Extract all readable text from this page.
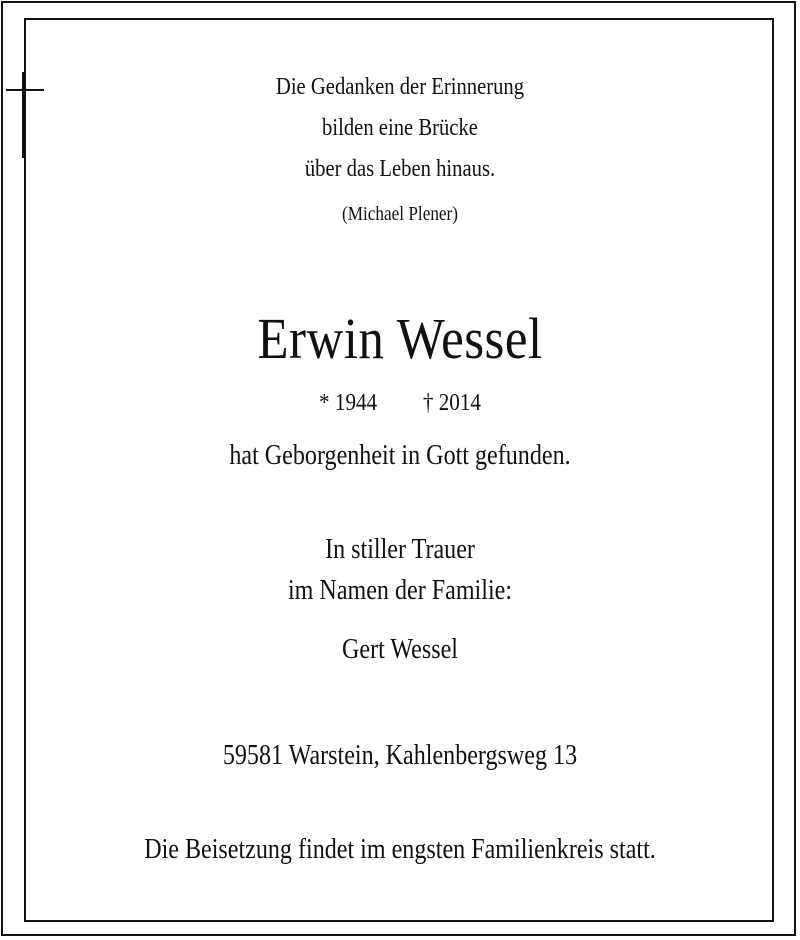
Die Gedanken der Erinnerung
bilden eine Brücke
über das Leben hinaus.
(Michael Plener)
Erwin Wessel
* 1944 † 2014
hat Geborgenheit in Gott gefunden.
In stiller Trauer
im Namen der Familie:
Gert Wessel
59581 Warstein, Kahlenbergsweg 13
Die Beisetzung findet im engsten Familienkreis statt.
